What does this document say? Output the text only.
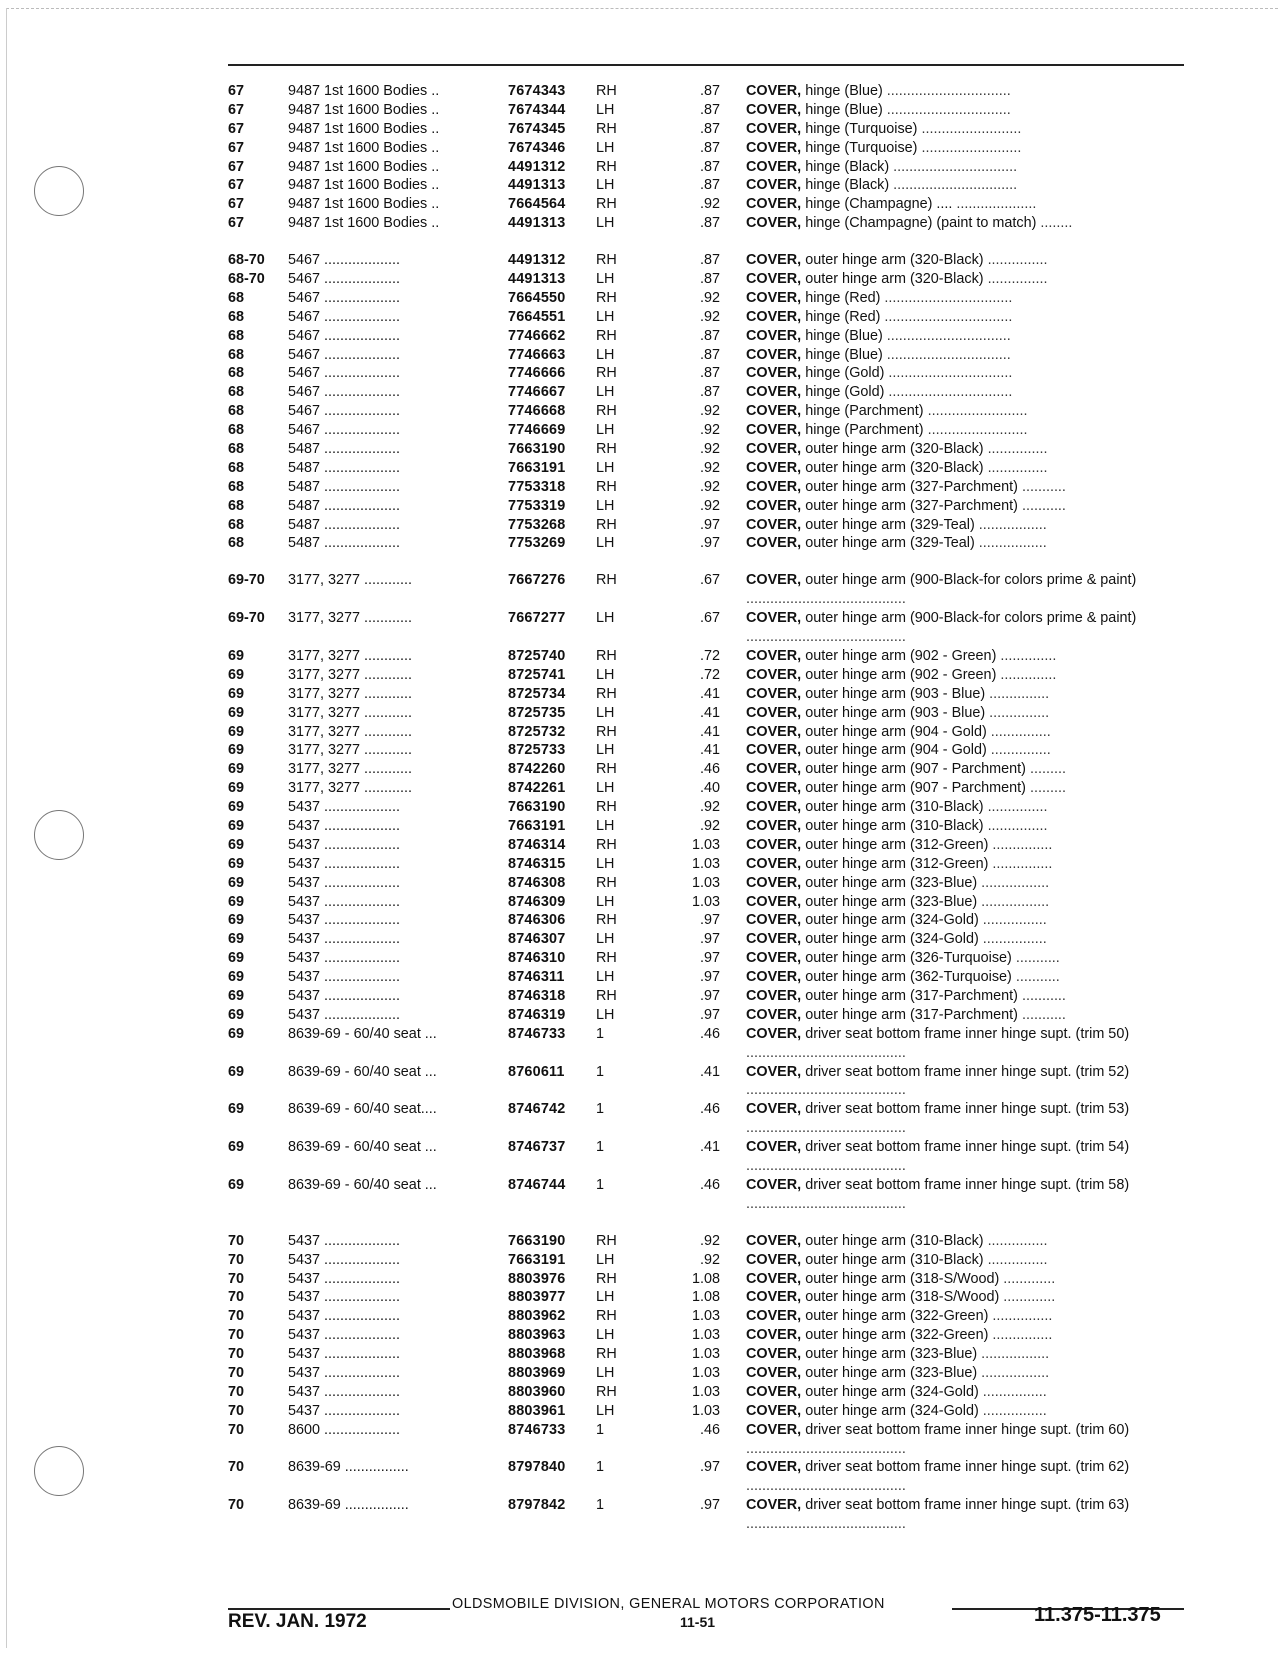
67	9487 1st 1600 Bodies ..	7674343 RH	.87 COVER, hinge (Blue) ...............................
67	9487 1st 1600 Bodies ..	7674344 LH	.87 COVER, hinge (Blue) ...............................
67	9487 1st 1600 Bodies ..	7674345 RH	.87 COVER, hinge (Turquoise) .........................
67	9487 1st 1600 Bodies ..	7674346 LH	.87 COVER, hinge (Turquoise) .........................
67	9487 1st 1600 Bodies ..	4491312 RH	.87 COVER, hinge (Black) ...............................
67	9487 1st 1600 Bodies ..	4491313 LH	.87 COVER, hinge (Black) ...............................
67	9487 1st 1600 Bodies ..	7664564 RH	.92 COVER, hinge (Champagne) .... ....................
67	9487 1st 1600 Bodies ..	4491313 LH	.87 COVER, hinge (Champagne) (paint to match) ........
68-70 5467 ...................	4491312 RH	.87 COVER, outer hinge arm (320-Black) ...............
68-70 5467 ...................	4491313 LH	.87 COVER, outer hinge arm (320-Black) ...............
68	5467 ...................	7664550 RH	.92 COVER, hinge (Red) ................................
68	5467 ...................	7664551 LH	.92 COVER, hinge (Red) ................................
68	5467 ...................	7746662 RH	.87 COVER, hinge (Blue) ...............................
68	5467 ...................	7746663 LH	.87 COVER, hinge (Blue) ...............................
68	5467 ...................	7746666 RH	.87 COVER, hinge (Gold) ...............................
68	5467 ...................	7746667 LH	.87 COVER, hinge (Gold) ...............................
68	5467 ...................	7746668 RH	.92 COVER, hinge (Parchment) .........................
68	5467 ...................	7746669 LH	.92 COVER, hinge (Parchment) .........................
68	5487 ...................	7663190 RH	.92 COVER, outer hinge arm (320-Black) ...............
68	5487 ...................	7663191 LH	.92 COVER, outer hinge arm (320-Black) ...............
68	5487 ...................	7753318 RH	.92 COVER, outer hinge arm (327-Parchment) ...........
68	5487 ...................	7753319 LH	.92 COVER, outer hinge arm (327-Parchment) ...........
68	5487 ...................	7753268 RH	.97 COVER, outer hinge arm (329-Teal) .................
68	5487 ...................	7753269 LH	.97 COVER, outer hinge arm (329-Teal) .................
69-70 3177, 3277 ............	7667276 RH	.67 COVER, outer hinge arm (900-Black-for colors prime & paint) ........................................
69-70 3177, 3277 ............	7667277 LH	.67 COVER, outer hinge arm (900-Black-for colors prime & paint) ........................................
69	3177, 3277 ............	8725740 RH	.72 COVER, outer hinge arm (902 - Green) ..............
69	3177, 3277 ............	8725741 LH	.72 COVER, outer hinge arm (902 - Green) ..............
69	3177, 3277 ............	8725734 RH	.41 COVER, outer hinge arm (903 - Blue) ...............
69	3177, 3277 ............	8725735 LH	.41 COVER, outer hinge arm (903 - Blue) ...............
69	3177, 3277 ............	8725732 RH	.41 COVER, outer hinge arm (904 - Gold) ...............
69	3177, 3277 ............	8725733 LH	.41 COVER, outer hinge arm (904 - Gold) ...............
69	3177, 3277 ............	8742260 RH	.46 COVER, outer hinge arm (907 - Parchment) .........
69	3177, 3277 ............	8742261 LH	.40 COVER, outer hinge arm (907 - Parchment) .........
69	5437 ...................	7663190 RH	.92 COVER, outer hinge arm (310-Black) ...............
69	5437 ...................	7663191 LH	.92 COVER, outer hinge arm (310-Black) ...............
69	5437 ...................	8746314 RH	1.03 COVER, outer hinge arm (312-Green) ...............
69	5437 ...................	8746315 LH	1.03 COVER, outer hinge arm (312-Green) ...............
69	5437 ...................	8746308 RH	1.03 COVER, outer hinge arm (323-Blue) .................
69	5437 ...................	8746309 LH	1.03 COVER, outer hinge arm (323-Blue) .................
69	5437 ...................	8746306 RH	.97 COVER, outer hinge arm (324-Gold) ................
69	5437 ...................	8746307 LH	.97 COVER, outer hinge arm (324-Gold) ................
69	5437 ...................	8746310 RH	.97 COVER, outer hinge arm (326-Turquoise) ...........
69	5437 ...................	8746311 LH	.97 COVER, outer hinge arm (362-Turquoise) ...........
69	5437 ...................	8746318 RH	.97 COVER, outer hinge arm (317-Parchment) ...........
69	5437 ...................	8746319 LH	.97 COVER, outer hinge arm (317-Parchment) ...........
69	8639-69 - 60/40 seat ...	8746733 1	.46 COVER, driver seat bottom frame inner hinge supt. (trim 50) ........................................
69	8639-69 - 60/40 seat ...	8760611 1	.41 COVER, driver seat bottom frame inner hinge supt. (trim 52) ........................................
69	8639-69 - 60/40 seat....	8746742 1	.46 COVER, driver seat bottom frame inner hinge supt. (trim 53) ........................................
69	8639-69 - 60/40 seat ...	8746737 1	.41 COVER, driver seat bottom frame inner hinge supt. (trim 54) ........................................
69	8639-69 - 60/40 seat ...	8746744 1	.46 COVER, driver seat bottom frame inner hinge supt. (trim 58) ........................................
70	5437 ...................	7663190 RH	.92 COVER, outer hinge arm (310-Black) ...............
70	5437 ...................	7663191 LH	.92 COVER, outer hinge arm (310-Black) ...............
70	5437 ...................	8803976 RH	1.08 COVER, outer hinge arm (318-S/Wood) .............
70	5437 ...................	8803977 LH	1.08 COVER, outer hinge arm (318-S/Wood) .............
70	5437 ...................	8803962 RH	1.03 COVER, outer hinge arm (322-Green) ...............
70	5437 ...................	8803963 LH	1.03 COVER, outer hinge arm (322-Green) ...............
70	5437 ...................	8803968 RH	1.03 COVER, outer hinge arm (323-Blue) .................
70	5437 ...................	8803969 LH	1.03 COVER, outer hinge arm (323-Blue) .................
70	5437 ...................	8803960 RH	1.03 COVER, outer hinge arm (324-Gold) ................
70	5437 ...................	8803961 LH	1.03 COVER, outer hinge arm (324-Gold) ................
70	8600 ...................	8746733 1	.46 COVER, driver seat bottom frame inner hinge supt. (trim 60) ........................................
70	8639-69 ................	8797840 1	.97 COVER, driver seat bottom frame inner hinge supt. (trim 62) ........................................
70	8639-69 ................	8797842 1	.97 COVER, driver seat bottom frame inner hinge supt. (trim 63) ........................................
OLDSMOBILE DIVISION, GENERAL MOTORS CORPORATION
REV. JAN. 1972	11-51	11.375-11.375
